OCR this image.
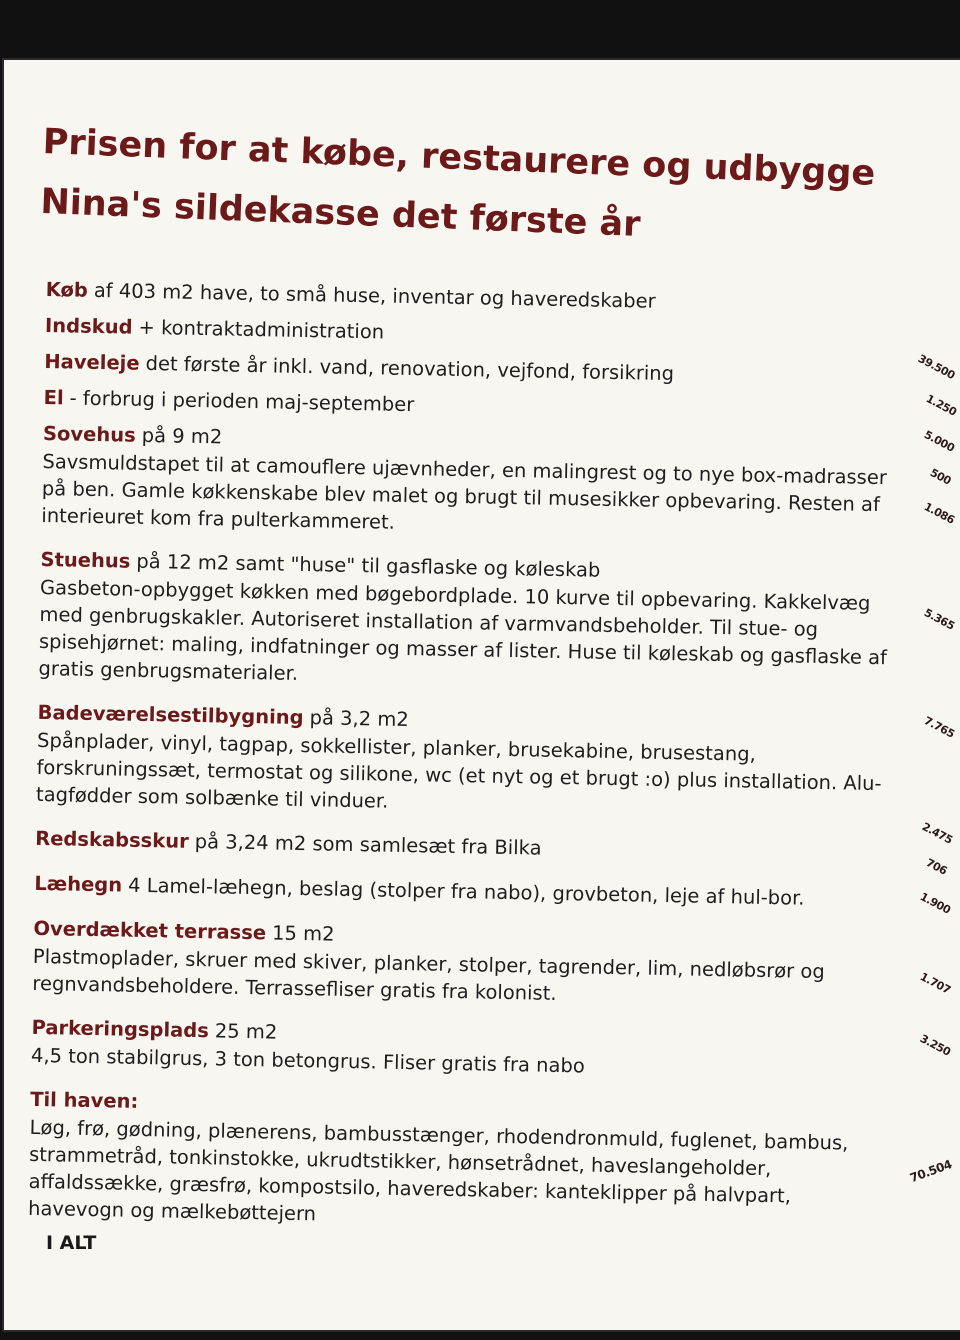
Prisen for at købe, restaurere og udbygge
Nina's sildekasse det første år
Køb af 403 m2 have, to små huse, inventar og haveredskaber
Indskud + kontraktadministration
Haveleje det første år inkl. vand, renovation, vejfond, forsikring
El - forbrug i perioden maj-september
Sovehus på 9 m2
Savsmuldstapet til at camouflere ujævnheder, en malingrest og to nye box-madrasser på ben. Gamle køkkenskabe blev malet og brugt til musesikker opbevaring. Resten af interieuret kom fra pulterkammeret.
Stuehus på 12 m2 samt "huse" til gasflaske og køleskab
Gasbeton-opbygget køkken med bøgebordplade. 10 kurve til opbevaring. Kakkelvæg med genbrugskakler. Autoriseret installation af varmvandsbeholder. Til stue- og spisehjørnet: maling, indfatninger og masser af lister. Huse til køleskab og gasflaske af gratis genbrugsmaterialer.
Badeværelsestilbygning på 3,2 m2
Spånplader, vinyl, tagpap, sokkellister, planker, brusekabine, brusestang, forskruningssæt, termostat og silikone, wc (et nyt og et brugt :o) plus installation. Alu-tagfødder som solbænke til vinduer.
Redskabsskur på 3,24 m2 som samlesæt fra Bilka
Læhegn 4 Lamel-læhegn, beslag (stolper fra nabo), grovbeton, leje af hul-bor.
Overdækket terrasse 15 m2
Plastmoplader, skruer med skiver, planker, stolper, tagrender, lim, nedløbsrør og regnvandsbeholdere. Terrassefliser gratis fra kolonist.
Parkeringsplads 25 m2
4,5 ton stabilgrus, 3 ton betongrus. Fliser gratis fra nabo
Til haven:
Løg, frø, gødning, plænerens, bambusstænger, rhodendronmuld, fuglenet, bambus, strammetråd, tonkinstokke, ukrudtstikker, hønsetrådnet, haveslangeholder, affaldssække, græsfrø, kompostsilo, haveredskaber: kanteklipper på halvpart, havevogn og mælkebøttejern

I ALT

39.500
1.250
5.000
500
1.086
5.365
7.765
2.475
706
1.900
1.707
3.250
70.504
